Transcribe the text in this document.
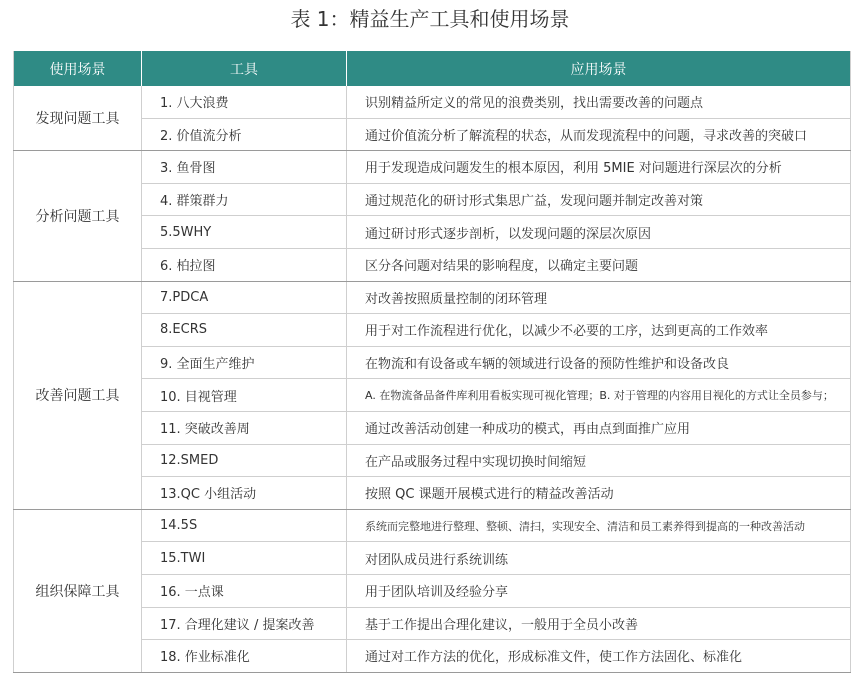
表 1：精益生产工具和使用场景
使用场景	工具	应用场景
发现问题工具	1. 八大浪费	识别精益所定义的常见的浪费类别，找出需要改善的问题点
	2. 价值流分析	通过价值流分析了解流程的状态，从而发现流程中的问题，寻求改善的突破口
分析问题工具	3. 鱼骨图	用于发现造成问题发生的根本原因，利用 5MIE 对问题进行深层次的分析
	4. 群策群力	通过规范化的研讨形式集思广益，发现问题并制定改善对策
	5.5WHY	通过研讨形式逐步剖析，以发现问题的深层次原因
	6. 柏拉图	区分各问题对结果的影响程度，以确定主要问题
改善问题工具	7.PDCA	对改善按照质量控制的闭环管理
	8.ECRS	用于对工作流程进行优化，以减少不必要的工序，达到更高的工作效率
	9. 全面生产维护	在物流和有设备或车辆的领域进行设备的预防性维护和设备改良
	10. 目视管理	A. 在物流备品备件库利用看板实现可视化管理；B. 对于管理的内容用目视化的方式让全员参与；
	11. 突破改善周	通过改善活动创建一种成功的模式，再由点到面推广应用
	12.SMED	在产品或服务过程中实现切换时间缩短
	13.QC 小组活动	按照 QC 课题开展模式进行的精益改善活动
组织保障工具	14.5S	系统而完整地进行整理、整顿、清扫，实现安全、清洁和员工素养得到提高的一种改善活动
	15.TWI	对团队成员进行系统训练
	16. 一点课	用于团队培训及经验分享
	17. 合理化建议 / 提案改善	基于工作提出合理化建议，一般用于全员小改善
	18. 作业标准化	通过对工作方法的优化，形成标准文件，使工作方法固化、标准化
